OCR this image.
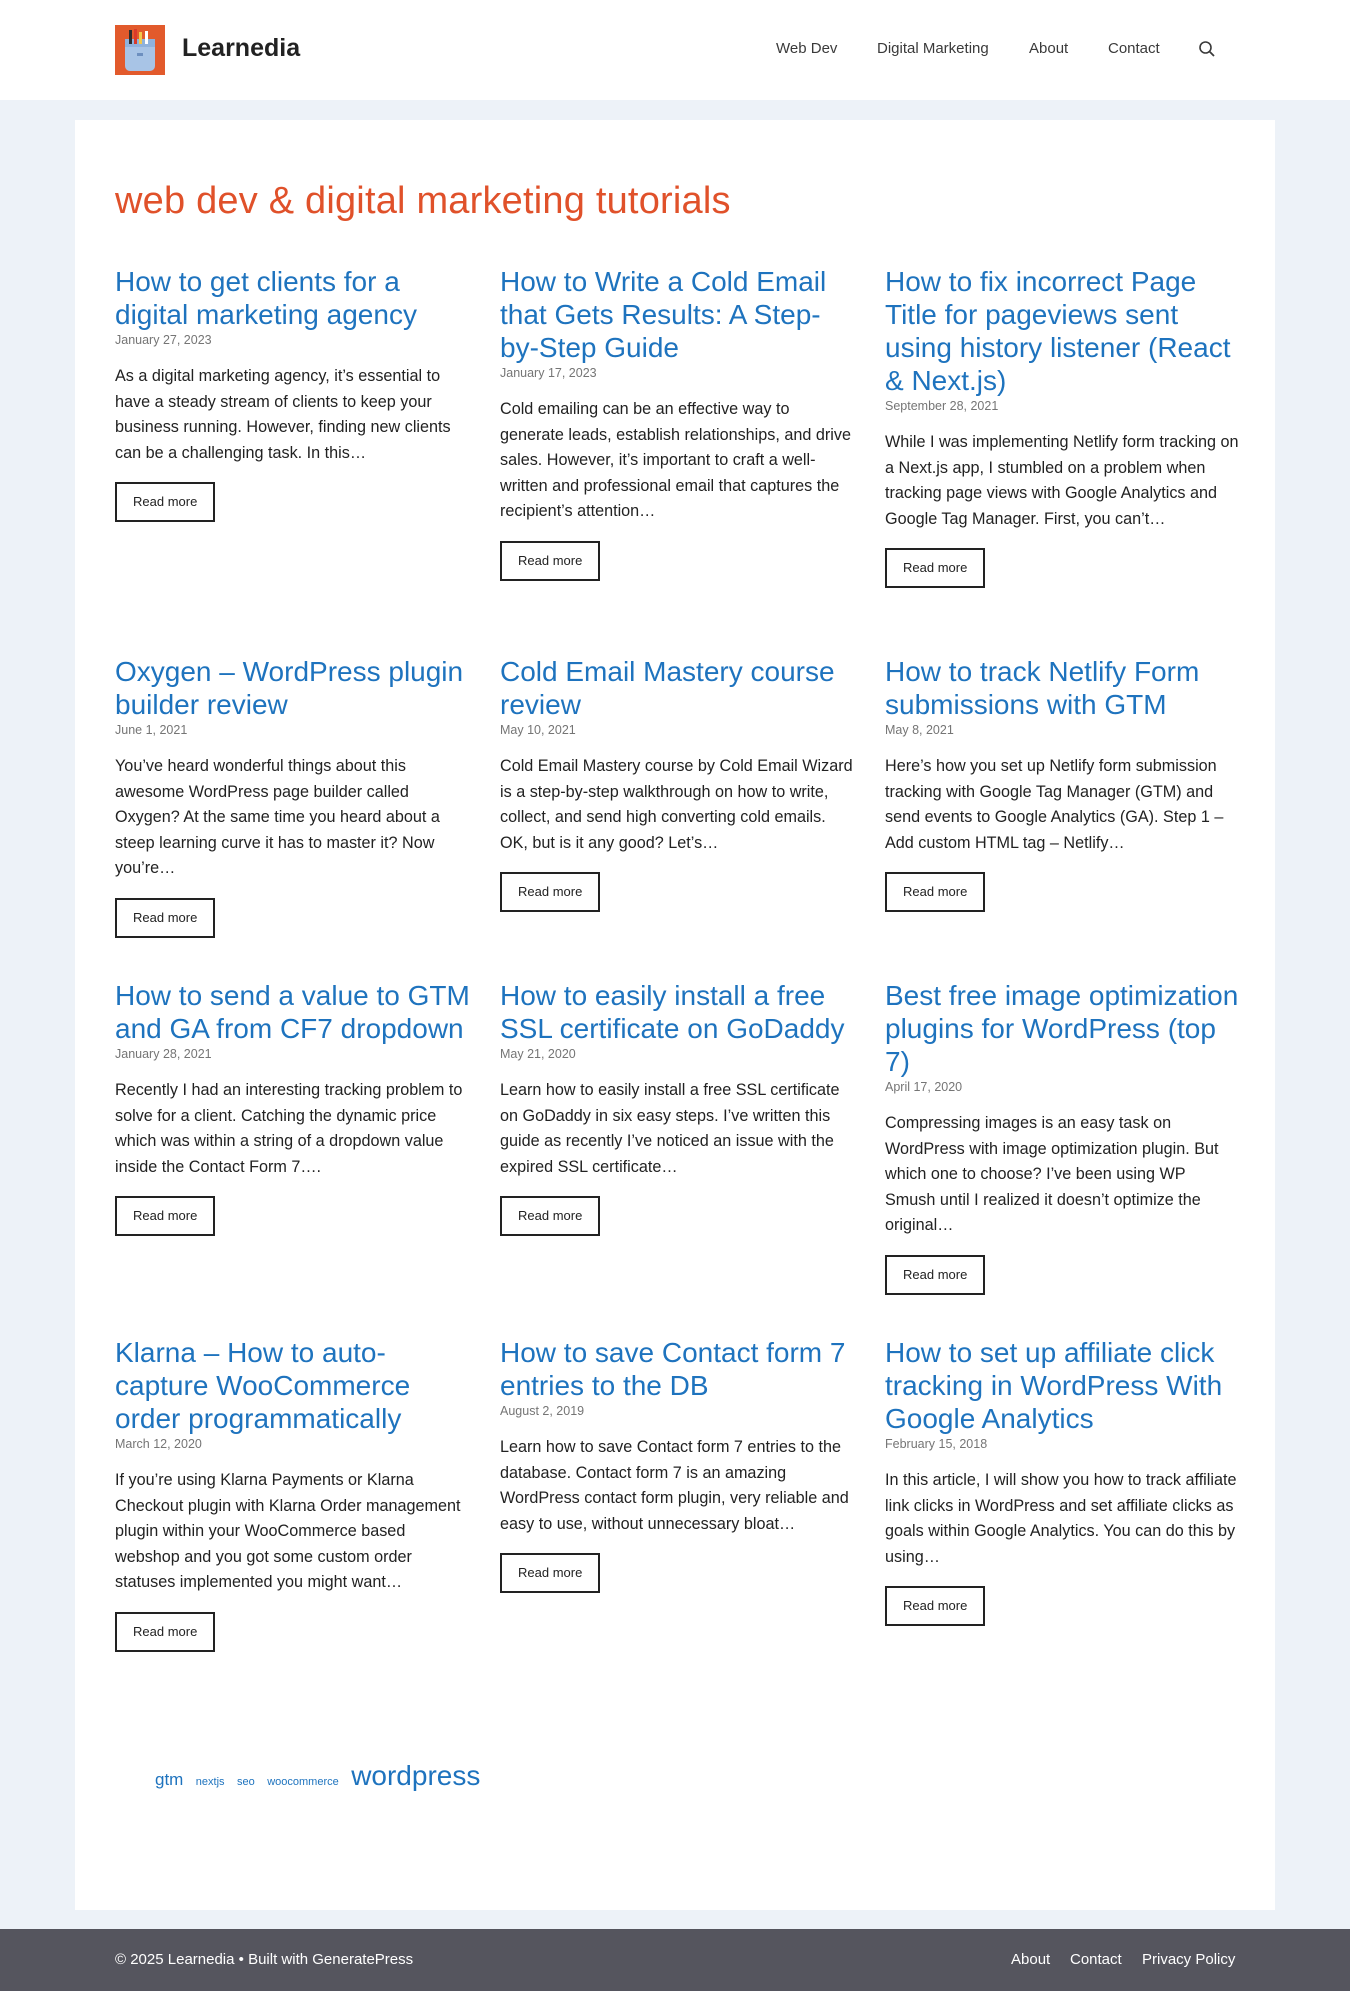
Learnedia	Web Dev	Digital Marketing	About	Contact
web dev & digital marketing tutorials
How to get clients for a digital marketing agency
January 27, 2023

As a digital marketing agency, it’s essential to have a steady stream of clients to keep your business running. However, finding new clients can be a challenging task. In this…

Read more
How to Write a Cold Email that Gets Results: A Step-by-Step Guide
January 17, 2023

Cold emailing can be an effective way to generate leads, establish relationships, and drive sales. However, it’s important to craft a well-written and professional email that captures the recipient’s attention…

Read more
How to fix incorrect Page Title for pageviews sent using history listener (React & Next.js)
September 28, 2021

While I was implementing Netlify form tracking on a Next.js app, I stumbled on a problem when tracking page views with Google Analytics and Google Tag Manager. First, you can’t…

Read more
Oxygen – WordPress plugin builder review
June 1, 2021

You’ve heard wonderful things about this awesome WordPress page builder called Oxygen? At the same time you heard about a steep learning curve it has to master it? Now you’re…

Read more
Cold Email Mastery course review
May 10, 2021

Cold Email Mastery course by Cold Email Wizard is a step-by-step walkthrough on how to write, collect, and send high converting cold emails. OK, but is it any good? Let’s…

Read more
How to track Netlify Form submissions with GTM
May 8, 2021

Here’s how you set up Netlify form submission tracking with Google Tag Manager (GTM) and send events to Google Analytics (GA). Step 1 – Add custom HTML tag – Netlify…

Read more
How to send a value to GTM and GA from CF7 dropdown
January 28, 2021

Recently I had an interesting tracking problem to solve for a client. Catching the dynamic price which was within a string of a dropdown value inside the Contact Form 7….

Read more
How to easily install a free SSL certificate on GoDaddy
May 21, 2020

Learn how to easily install a free SSL certificate on GoDaddy in six easy steps. I’ve written this guide as recently I’ve noticed an issue with the expired SSL certificate…

Read more
Best free image optimization plugins for WordPress (top 7)
April 17, 2020

Compressing images is an easy task on WordPress with image optimization plugin. But which one to choose? I’ve been using WP Smush until I realized it doesn’t optimize the original…

Read more
Klarna – How to auto-capture WooCommerce order programmatically
March 12, 2020

If you’re using Klarna Payments or Klarna Checkout plugin with Klarna Order management plugin within your WooCommerce based webshop and you got some custom order statuses implemented you might want…

Read more
How to save Contact form 7 entries to the DB
August 2, 2019

Learn how to save Contact form 7 entries to the database. Contact form 7 is an amazing WordPress contact form plugin, very reliable and easy to use, without unnecessary bloat…

Read more
How to set up affiliate click tracking in WordPress With Google Analytics
February 15, 2018

In this article, I will show you how to track affiliate link clicks in WordPress and set affiliate clicks as goals within Google Analytics. You can do this by using…

Read more
gtm nextjs seo woocommerce wordpress
© 2025 Learnedia • Built with GeneratePress	About Contact Privacy Policy
